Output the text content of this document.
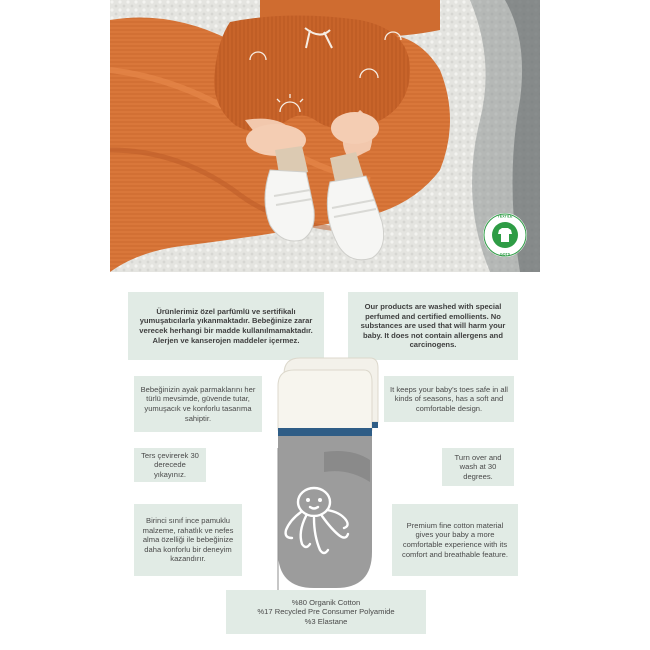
TEXTILE
GOTS
Ürünlerimiz özel parfümlü ve sertifikalı yumuşatıcılarla yıkanmaktadır. Bebeğinize zarar verecek herhangi bir madde kullanılmamaktadır. Alerjen ve kanserojen maddeler içermez.
Our products are washed with special perfumed and certified emollients. No substances are used that will harm your baby. It does not contain allergens and carcinogens.
Bebeğinizin ayak parmaklarını her türlü mevsimde, güvende tutar, yumuşacık ve konforlu tasarıma sahiptir.
It keeps your baby's toes safe in all kinds of seasons, has a soft and comfortable design.
Ters çevirerek 30 derecede yıkayınız.
Turn over and wash at 30 degrees.
Birinci sınıf ince pamuklu malzeme, rahatlık ve nefes alma özelliği ile bebeğinize daha konforlu bir deneyim kazandırır.
Premium fine cotton material gives your baby a more comfortable experience with its comfort and breathable feature.
%80 Organik Cotton
%17 Recycled Pre Consumer Polyamide
%3 Elastane
